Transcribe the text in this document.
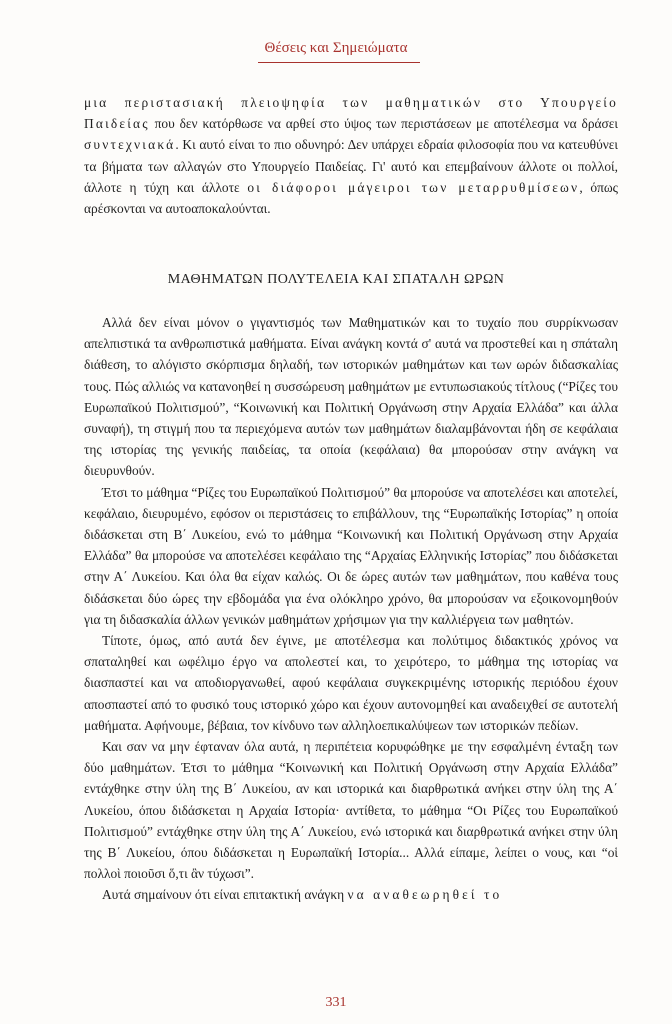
Θέσεις και Σημειώματα

μια περιστασιακή πλειοψηφία των μαθηματικών στο Υπουργείο Παιδείας που δεν κατόρθωσε να αρθεί στο ύψος των περιστάσεων με αποτέλεσμα να δράσει συντεχνιακά. Κι αυτό είναι το πιο οδυνηρό: Δεν υπάρχει εδραία φιλοσοφία που να κατευθύνει τα βήματα των αλλαγών στο Υπουργείο Παιδείας. Γι' αυτό και επεμβαίνουν άλλοτε οι πολλοί, άλλοτε η τύχη και άλλοτε οι διάφοροι μάγειροι των μεταρρυθμίσεων, όπως αρέσκονται να αυτοαποκαλούνται.

ΜΑΘΗΜΑΤΩΝ ΠΟΛΥΤΕΛΕΙΑ ΚΑΙ ΣΠΑΤΑΛΗ ΩΡΩΝ

Αλλά δεν είναι μόνον ο γιγαντισμός των Μαθηματικών και το τυχαίο που συρρίκνωσαν απελπιστικά τα ανθρωπιστικά μαθήματα. Είναι ανάγκη κοντά σ' αυτά να προστεθεί και η σπάταλη διάθεση, το αλόγιστο σκόρπισμα δηλαδή, των ιστορικών μαθημάτων και των ωρών διδασκαλίας τους. Πώς αλλιώς να κατανοηθεί η συσσώρευση μαθημάτων με εντυπωσιακούς τίτλους (“Ρίζες του Ευρωπαϊκού Πολιτισμού”, “Κοινωνική και Πολιτική Οργάνωση στην Αρχαία Ελλάδα” και άλλα συναφή), τη στιγμή που τα περιεχόμενα αυτών των μαθημάτων διαλαμβάνονται ήδη σε κεφάλαια της ιστορίας της γενικής παιδείας, τα οποία (κεφάλαια) θα μπορούσαν στην ανάγκη να διευρυνθούν.

Έτσι το μάθημα “Ρίζες του Ευρωπαϊκού Πολιτισμού” θα μπορούσε να αποτελέσει και αποτελεί, κεφάλαιο, διευρυμένο, εφόσον οι περιστάσεις το επιβάλλουν, της “Ευρωπαϊκής Ιστορίας” η οποία διδάσκεται στη Β΄ Λυκείου, ενώ το μάθημα “Κοινωνική και Πολιτική Οργάνωση στην Αρχαία Ελλάδα” θα μπορούσε να αποτελέσει κεφάλαιο της “Αρχαίας Ελληνικής Ιστορίας” που διδάσκεται στην Α΄ Λυκείου. Και όλα θα είχαν καλώς. Οι δε ώρες αυτών των μαθημάτων, που καθένα τους διδάσκεται δύο ώρες την εβδομάδα για ένα ολόκληρο χρόνο, θα μπορούσαν να εξοικονομηθούν για τη διδασκαλία άλλων γενικών μαθημάτων χρήσιμων για την καλλιέργεια των μαθητών.

Τίποτε, όμως, από αυτά δεν έγινε, με αποτέλεσμα και πολύτιμος διδακτικός χρόνος να σπαταληθεί και ωφέλιμο έργο να απολεστεί και, το χειρότερο, το μάθημα της ιστορίας να διασπαστεί και να αποδιοργανωθεί, αφού κεφάλαια συγκεκριμένης ιστορικής περιόδου έχουν αποσπαστεί από το φυσικό τους ιστορικό χώρο και έχουν αυτονομηθεί και αναδειχθεί σε αυτοτελή μαθήματα. Αφήνουμε, βέβαια, τον κίνδυνο των αλληλοεπικαλύψεων των ιστορικών πεδίων.

Και σαν να μην έφταναν όλα αυτά, η περιπέτεια κορυφώθηκε με την εσφαλμένη ένταξη των δύο μαθημάτων. Έτσι το μάθημα “Κοινωνική και Πολιτική Οργάνωση στην Αρχαία Ελλάδα” εντάχθηκε στην ύλη της Β΄ Λυκείου, αν και ιστορικά και διαρθρωτικά ανήκει στην ύλη της Α΄ Λυκείου, όπου διδάσκεται η Αρχαία Ιστορία· αντίθετα, το μάθημα “Οι Ρίζες του Ευρωπαϊκού Πολιτισμού” εντάχθηκε στην ύλη της Α΄ Λυκείου, ενώ ιστορικά και διαρθρωτικά ανήκει στην ύλη της Β΄ Λυκείου, όπου διδάσκεται η Ευρωπαϊκή Ιστορία... Αλλά είπαμε, λείπει ο νους, και “οἱ πολλοὶ ποιοῦσι ὅ,τι ἂν τύχωσι”.

Αυτά σημαίνουν ότι είναι επιτακτική ανάγκη να αναθεωρηθεί το

331
